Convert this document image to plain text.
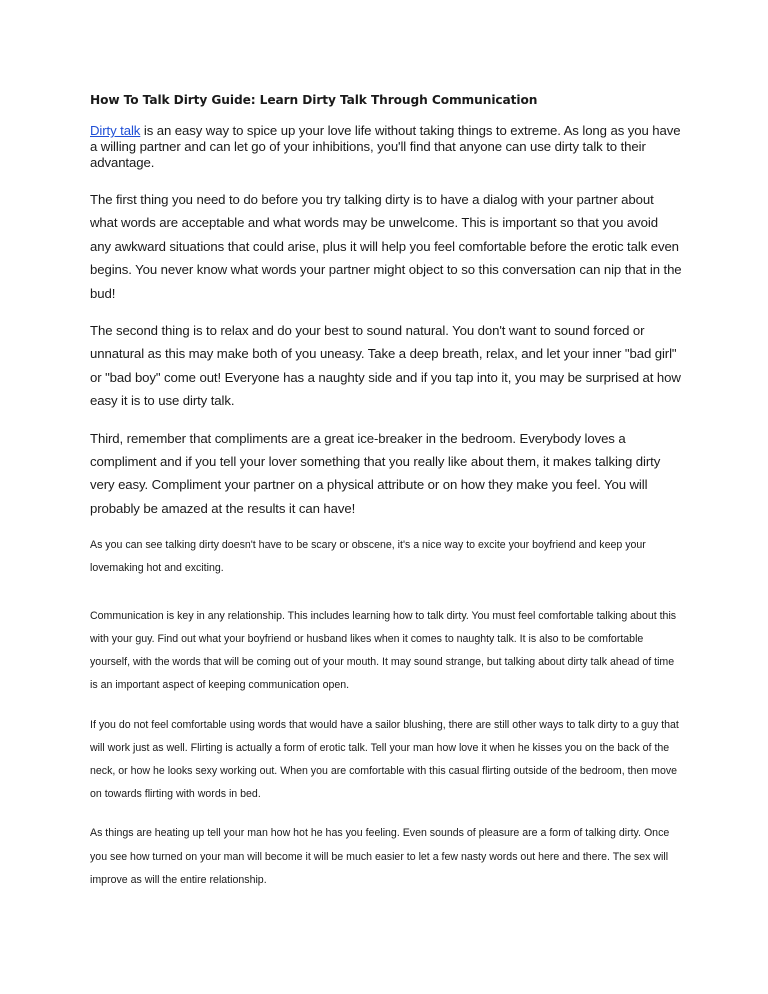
How To Talk Dirty Guide: Learn Dirty Talk Through Communication

Dirty talk is an easy way to spice up your love life without taking things to extreme. As long as you have a willing partner and can let go of your inhibitions, you'll find that anyone can use dirty talk to their advantage.

The first thing you need to do before you try talking dirty is to have a dialog with your partner about what words are acceptable and what words may be unwelcome. This is important so that you avoid any awkward situations that could arise, plus it will help you feel comfortable before the erotic talk even begins. You never know what words your partner might object to so this conversation can nip that in the bud!

The second thing is to relax and do your best to sound natural. You don't want to sound forced or unnatural as this may make both of you uneasy. Take a deep breath, relax, and let your inner "bad girl" or "bad boy" come out! Everyone has a naughty side and if you tap into it, you may be surprised at how easy it is to use dirty talk.

Third, remember that compliments are a great ice-breaker in the bedroom. Everybody loves a compliment and if you tell your lover something that you really like about them, it makes talking dirty very easy. Compliment your partner on a physical attribute or on how they make you feel. You will probably be amazed at the results it can have!

As you can see talking dirty doesn't have to be scary or obscene, it's a nice way to excite your boyfriend and keep your lovemaking hot and exciting.

Communication is key in any relationship. This includes learning how to talk dirty. You must feel comfortable talking about this with your guy. Find out what your boyfriend or husband likes when it comes to naughty talk. It is also to be comfortable yourself, with the words that will be coming out of your mouth. It may sound strange, but talking about dirty talk ahead of time is an important aspect of keeping communication open.

If you do not feel comfortable using words that would have a sailor blushing, there are still other ways to talk dirty to a guy that will work just as well. Flirting is actually a form of erotic talk. Tell your man how love it when he kisses you on the back of the neck, or how he looks sexy working out. When you are comfortable with this casual flirting outside of the bedroom, then move on towards flirting with words in bed.

As things are heating up tell your man how hot he has you feeling. Even sounds of pleasure are a form of talking dirty. Once you see how turned on your man will become it will be much easier to let a few nasty words out here and there. The sex will improve as will the entire relationship.
